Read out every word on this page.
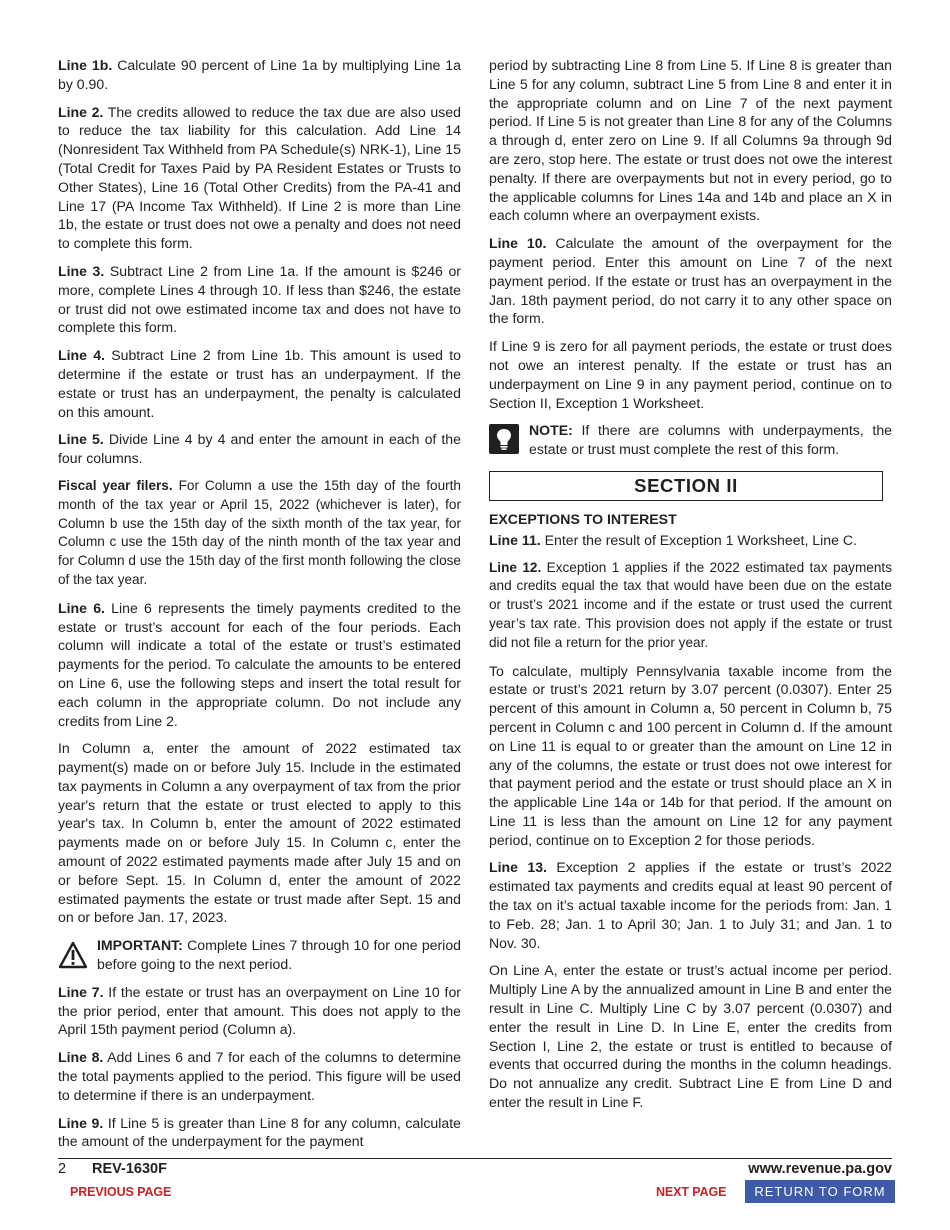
Line 1b. Calculate 90 percent of Line 1a by multiplying Line 1a by 0.90.

Line 2. The credits allowed to reduce the tax due are also used to reduce the tax liability for this calculation. Add Line 14 (Nonresident Tax Withheld from PA Schedule(s) NRK-1), Line 15 (Total Credit for Taxes Paid by PA Resident Estates or Trusts to Other States), Line 16 (Total Other Credits) from the PA-41 and Line 17 (PA Income Tax Withheld). If Line 2 is more than Line 1b, the estate or trust does not owe a penalty and does not need to complete this form.

Line 3. Subtract Line 2 from Line 1a. If the amount is $246 or more, complete Lines 4 through 10. If less than $246, the estate or trust did not owe estimated income tax and does not have to complete this form.

Line 4. Subtract Line 2 from Line 1b. This amount is used to determine if the estate or trust has an underpayment. If the estate or trust has an underpayment, the penalty is calculated on this amount.

Line 5. Divide Line 4 by 4 and enter the amount in each of the four columns.

Fiscal year filers. For Column a use the 15th day of the fourth month of the tax year or April 15, 2022 (whichever is later), for Column b use the 15th day of the sixth month of the tax year, for Column c use the 15th day of the ninth month of the tax year and for Column d use the 15th day of the first month following the close of the tax year.

Line 6. Line 6 represents the timely payments credited to the estate or trust’s account for each of the four periods. Each column will indicate a total of the estate or trust’s estimated payments for the period. To calculate the amounts to be entered on Line 6, use the following steps and insert the total result for each column in the appropriate column. Do not include any credits from Line 2.

In Column a, enter the amount of 2022 estimated tax payment(s) made on or before July 15. Include in the estimated tax payments in Column a any overpayment of tax from the prior year's return that the estate or trust elected to apply to this year's tax. In Column b, enter the amount of 2022 estimated payments made on or before July 15. In Column c, enter the amount of 2022 estimated payments made after July 15 and on or before Sept. 15. In Column d, enter the amount of 2022 estimated payments the estate or trust made after Sept. 15 and on or before Jan. 17, 2023.

IMPORTANT: Complete Lines 7 through 10 for one period before going to the next period.

Line 7. If the estate or trust has an overpayment on Line 10 for the prior period, enter that amount. This does not apply to the April 15th payment period (Column a).

Line 8. Add Lines 6 and 7 for each of the columns to determine the total payments applied to the period. This figure will be used to determine if there is an underpayment.

Line 9. If Line 5 is greater than Line 8 for any column, calculate the amount of the underpayment for the payment

period by subtracting Line 8 from Line 5. If Line 8 is greater than Line 5 for any column, subtract Line 5 from Line 8 and enter it in the appropriate column and on Line 7 of the next payment period. If Line 5 is not greater than Line 8 for any of the Columns a through d, enter zero on Line 9. If all Columns 9a through 9d are zero, stop here. The estate or trust does not owe the interest penalty. If there are overpayments but not in every period, go to the applicable columns for Lines 14a and 14b and place an X in each column where an overpayment exists.

Line 10. Calculate the amount of the overpayment for the payment period. Enter this amount on Line 7 of the next payment period. If the estate or trust has an overpayment in the Jan. 18th payment period, do not carry it to any other space on the form.

If Line 9 is zero for all payment periods, the estate or trust does not owe an interest penalty. If the estate or trust has an underpayment on Line 9 in any payment period, continue on to Section II, Exception 1 Worksheet.

NOTE: If there are columns with underpayments, the estate or trust must complete the rest of this form.
SECTION II
EXCEPTIONS TO INTEREST

Line 11. Enter the result of Exception 1 Worksheet, Line C.

Line 12. Exception 1 applies if the 2022 estimated tax payments and credits equal the tax that would have been due on the estate or trust’s 2021 income and if the estate or trust used the current year’s tax rate. This provision does not apply if the estate or trust did not file a return for the prior year.

To calculate, multiply Pennsylvania taxable income from the estate or trust’s 2021 return by 3.07 percent (0.0307). Enter 25 percent of this amount in Column a, 50 percent in Column b, 75 percent in Column c and 100 percent in Column d. If the amount on Line 11 is equal to or greater than the amount on Line 12 in any of the columns, the estate or trust does not owe interest for that payment period and the estate or trust should place an X in the applicable Line 14a or 14b for that period. If the amount on Line 11 is less than the amount on Line 12 for any payment period, continue on to Exception 2 for those periods.

Line 13. Exception 2 applies if the estate or trust’s 2022 estimated tax payments and credits equal at least 90 percent of the tax on it’s actual taxable income for the periods from: Jan. 1 to Feb. 28; Jan. 1 to April 30; Jan. 1 to July 31; and Jan. 1 to Nov. 30.

On Line A, enter the estate or trust’s actual income per period. Multiply Line A by the annualized amount in Line B and enter the result in Line C. Multiply Line C by 3.07 percent (0.0307) and enter the result in Line D. In Line E, enter the credits from Section I, Line 2, the estate or trust is entitled to because of events that occurred during the months in the column headings. Do not annualize any credit. Subtract Line E from Line D and enter the result in Line F.

2 REV-1630F	www.revenue.pa.gov
PREVIOUS PAGE	NEXT PAGE	RETURN TO FORM
